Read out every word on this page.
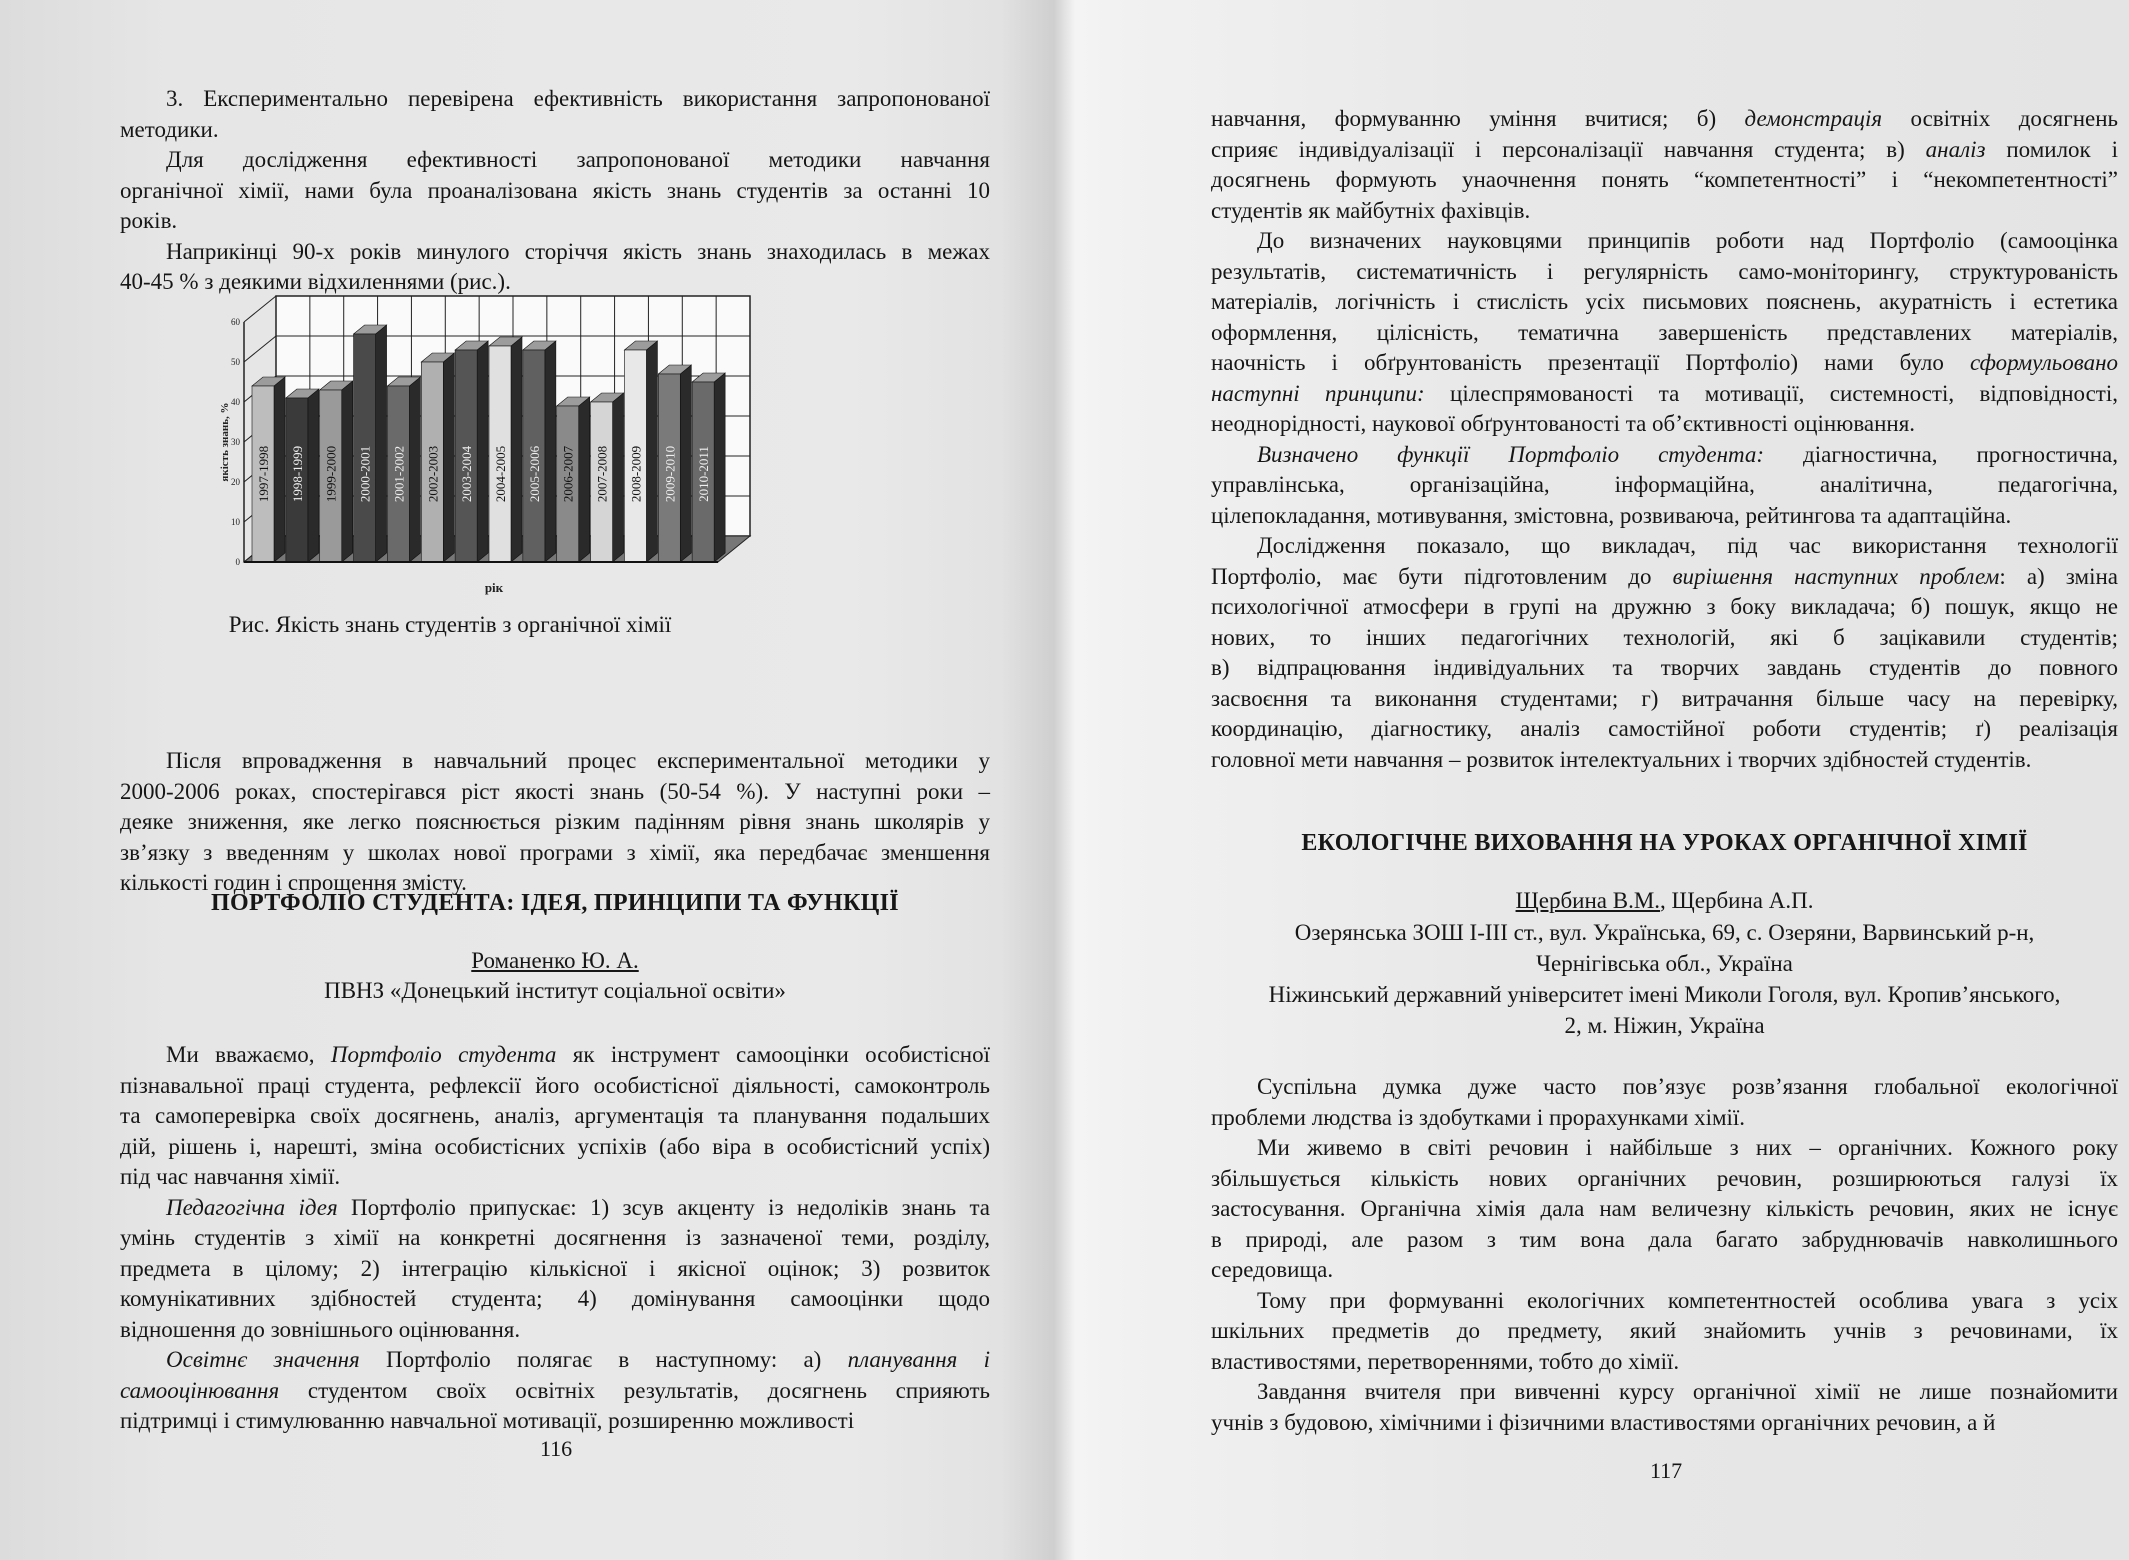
3. Експериментально перевірена ефективність використання запропонованої
методики.
Для дослідження ефективності запропонованої методики навчання
органічної хімії, нами була проаналізована якість знань студентів за останні 10
років.
Наприкінці 90-х років минулого сторіччя якість знань знаходилась в межах
40-45 % з деякими відхиленнями (рис.).
0
10
20
30
40
50
60
1997-1998 1998-1999 1999-2000 2000-2001 2001-2002 2002-2003 2003-2004 2004-2005 2005-2006 2006-2007 2007-2008 2008-2009 2009-2010 2010-2011
якість знань, %
рік
Рис. Якість знань студентів з органічної хімії
Після впровадження в навчальний процес експериментальної методики у
2000-2006 роках, спостерігався ріст якості знань (50-54 %). У наступні роки –
деяке зниження, яке легко пояснюється різким падінням рівня знань школярів у
зв’язку з введенням у школах нової програми з хімії, яка передбачає зменшення
кількості годин і спрощення змісту.
ПОРТФОЛІО СТУДЕНТА: ІДЕЯ, ПРИНЦИПИ ТА ФУНКЦІЇ
Романенко Ю. А.
ПВНЗ «Донецький інститут соціальної освіти»
Ми вважаємо, Портфоліо студента як інструмент самооцінки особистісної
пізнавальної праці студента, рефлексії його особистісної діяльності, самоконтроль
та самоперевірка своїх досягнень, аналіз, аргументація та планування подальших
дій, рішень і, нарешті, зміна особистісних успіхів (або віра в особистісний успіх)
під час навчання хімії.
Педагогічна ідея Портфоліо припускає: 1) зсув акценту із недоліків знань та
умінь студентів з хімії на конкретні досягнення із зазначеної теми, розділу,
предмета в цілому; 2) інтеграцію кількісної і якісної оцінок; 3) розвиток
комунікативних здібностей студента; 4) домінування самооцінки щодо
відношення до зовнішнього оцінювання.
Освітнє значення Портфоліо полягає в наступному: а) планування і
самооцінювання студентом своїх освітніх результатів, досягнень сприяють
підтримці і стимулюванню навчальної мотивації, розширенню можливості
116
навчання, формуванню уміння вчитися; б) демонстрація освітніх досягнень
сприяє індивідуалізації і персоналізації навчання студента; в) аналіз помилок і
досягнень формують унаочнення понять “компетентності” і “некомпетентності”
студентів як майбутніх фахівців.
До визначених науковцями принципів роботи над Портфоліо (самооцінка
результатів, систематичність і регулярність само-моніторингу, структурованість
матеріалів, логічність і стислість усіх письмових пояснень, акуратність і естетика
оформлення, цілісність, тематична завершеність представлених матеріалів,
наочність і обґрунтованість презентації Портфоліо) нами було сформульовано
наступні принципи: цілеспрямованості та мотивації, системності, відповідності,
неоднорідності, наукової обґрунтованості та об’єктивності оцінювання.
Визначено функції Портфоліо студента: діагностична, прогностична,
управлінська, організаційна, інформаційна, аналітична, педагогічна,
цілепокладання, мотивування, змістовна, розвиваюча, рейтингова та адаптаційна.
Дослідження показало, що викладач, під час використання технології
Портфоліо, має бути підготовленим до вирішення наступних проблем: а) зміна
психологічної атмосфери в групі на дружню з боку викладача; б) пошук, якщо не
нових, то інших педагогічних технологій, які б зацікавили студентів;
в) відпрацювання індивідуальних та творчих завдань студентів до повного
засвоєння та виконання студентами; г) витрачання більше часу на перевірку,
координацію, діагностику, аналіз самостійної роботи студентів; ґ) реалізація
головної мети навчання – розвиток інтелектуальних і творчих здібностей студентів.
ЕКОЛОГІЧНЕ ВИХОВАННЯ НА УРОКАХ ОРГАНІЧНОЇ ХІМІЇ
Щербина В.М., Щербина А.П.
Озерянська ЗОШ І-ІІІ ст., вул. Українська, 69, с. Озеряни, Варвинський р-н,
Чернігівська обл., Україна
Ніжинський державний університет імені Миколи Гоголя, вул. Кропив’янського,
2, м. Ніжин, Україна
Суспільна думка дуже часто пов’язує розв’язання глобальної екологічної
проблеми людства із здобутками і прорахунками хімії.
Ми живемо в світі речовин і найбільше з них – органічних. Кожного року
збільшується кількість нових органічних речовин, розширюються галузі їх
застосування. Органічна хімія дала нам величезну кількість речовин, яких не існує
в природі, але разом з тим вона дала багато забруднювачів навколишнього
середовища.
Тому при формуванні екологічних компетентностей особлива увага з усіх
шкільних предметів до предмету, який знайомить учнів з речовинами, їх
властивостями, перетвореннями, тобто до хімії.
Завдання вчителя при вивченні курсу органічної хімії не лише познайомити
учнів з будовою, хімічними і фізичними властивостями органічних речовин, а й
117
